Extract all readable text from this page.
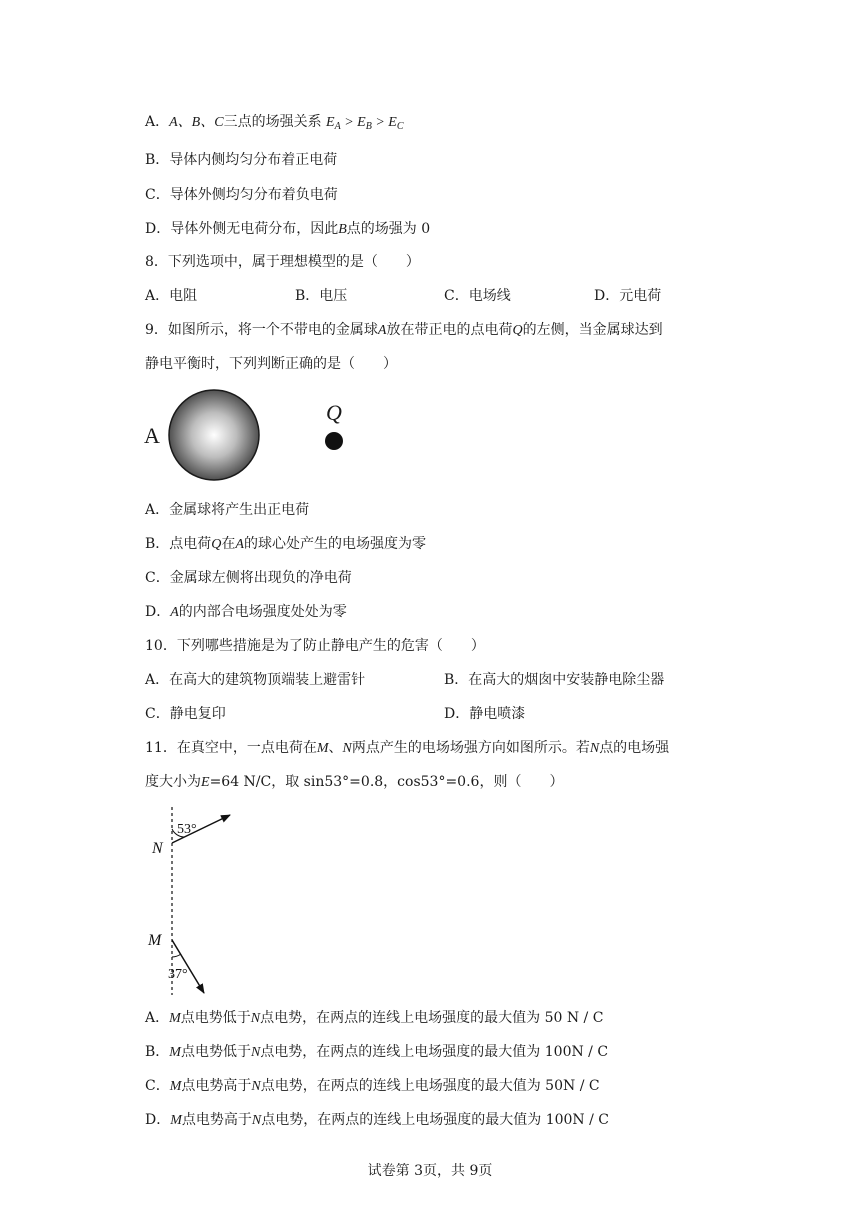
A．A、B、C三点的场强关系 $E_A > E_B > E_C$
B．导体内侧均匀分布着正电荷
C．导体外侧均匀分布着负电荷
D．导体外侧无电荷分布，因此B点的场强为 0
8．下列选项中，属于理想模型的是（　　）
A．电阻	B．电压	C．电场线	D．元电荷
9．如图所示，将一个不带电的金属球A放在带正电的点电荷Q的左侧，当金属球达到
静电平衡时，下列判断正确的是（　　）
A
Q
A．金属球将产生出正电荷
B．点电荷Q在A的球心处产生的电场强度为零
C．金属球左侧将出现负的净电荷
D．A的内部合电场强度处处为零
10．下列哪些措施是为了防止静电产生的危害（　　）
A．在高大的建筑物顶端装上避雷针	B．在高大的烟囱中安装静电除尘器
C．静电复印	D．静电喷漆
11．在真空中，一点电荷在M、N两点产生的电场场强方向如图所示。若N点的电场强
度大小为E=64 N/C，取 sin53°=0.8，cos53°=0.6，则（　　）
53°
N
37°
M
A．M点电势低于N点电势，在两点的连线上电场强度的最大值为 50 N / C
B．M点电势低于N点电势，在两点的连线上电场强度的最大值为 100N / C
C．M点电势高于N点电势，在两点的连线上电场强度的最大值为 50N / C
D．M点电势高于N点电势，在两点的连线上电场强度的最大值为 100N / C
试卷第 3页，共 9页
